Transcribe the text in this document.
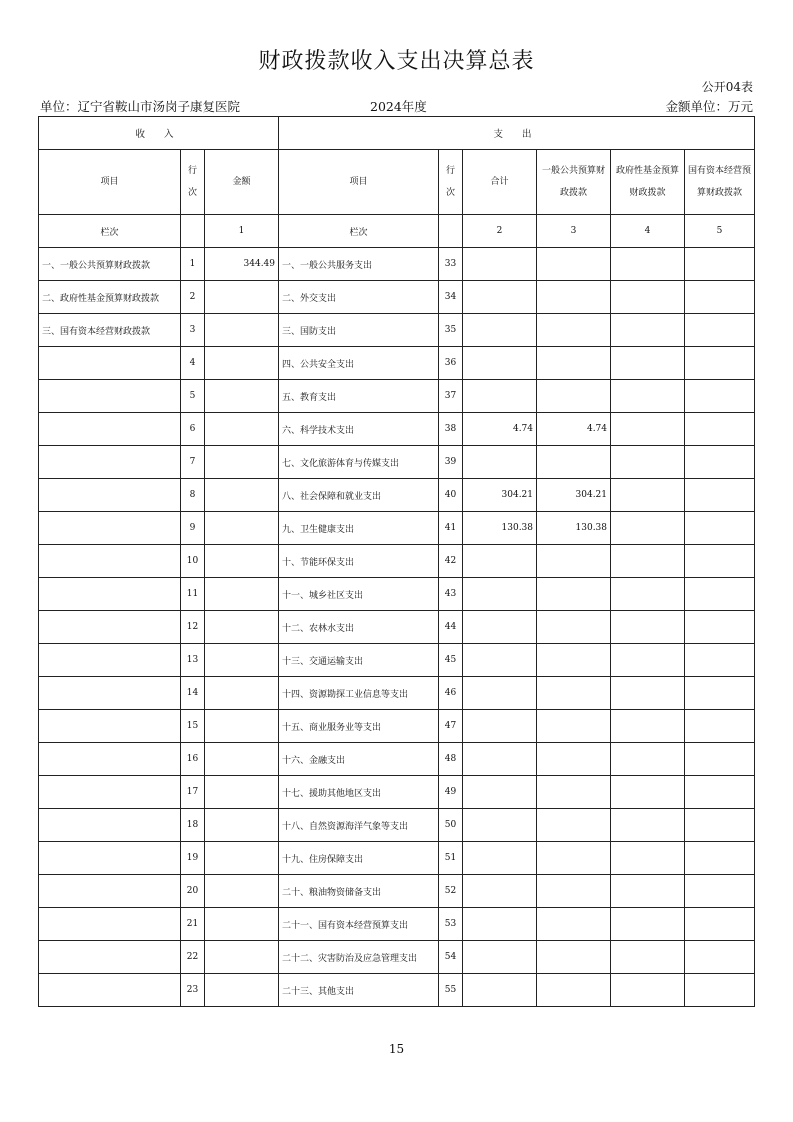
财政拨款收入支出决算总表
公开04表
单位：辽宁省鞍山市汤岗子康复医院	2024年度	金额单位：万元
收 入			支 出					
项目	行次	金额	项目	行次	合计	一般公共预算财政拨款	政府性基金预算财政拨款	国有资本经营预算财政拨款
栏次		1	栏次		2	3	4	5
一、一般公共预算财政拨款	1	344.49	一、一般公共服务支出	33				
二、政府性基金预算财政拨款	2		二、外交支出	34				
三、国有资本经营财政拨款	3		三、国防支出	35				
	4		四、公共安全支出	36				
	5		五、教育支出	37				
	6		六、科学技术支出	38	4.74	4.74		
	7		七、文化旅游体育与传媒支出	39				
	8		八、社会保障和就业支出	40	304.21	304.21		
	9		九、卫生健康支出	41	130.38	130.38		
	10		十、节能环保支出	42				
	11		十一、城乡社区支出	43				
	12		十二、农林水支出	44				
	13		十三、交通运输支出	45				
	14		十四、资源勘探工业信息等支出	46				
	15		十五、商业服务业等支出	47				
	16		十六、金融支出	48				
	17		十七、援助其他地区支出	49				
	18		十八、自然资源海洋气象等支出	50				
	19		十九、住房保障支出	51				
	20		二十、粮油物资储备支出	52				
	21		二十一、国有资本经营预算支出	53				
	22		二十二、灾害防治及应急管理支出	54				
	23		二十三、其他支出	55				
15
